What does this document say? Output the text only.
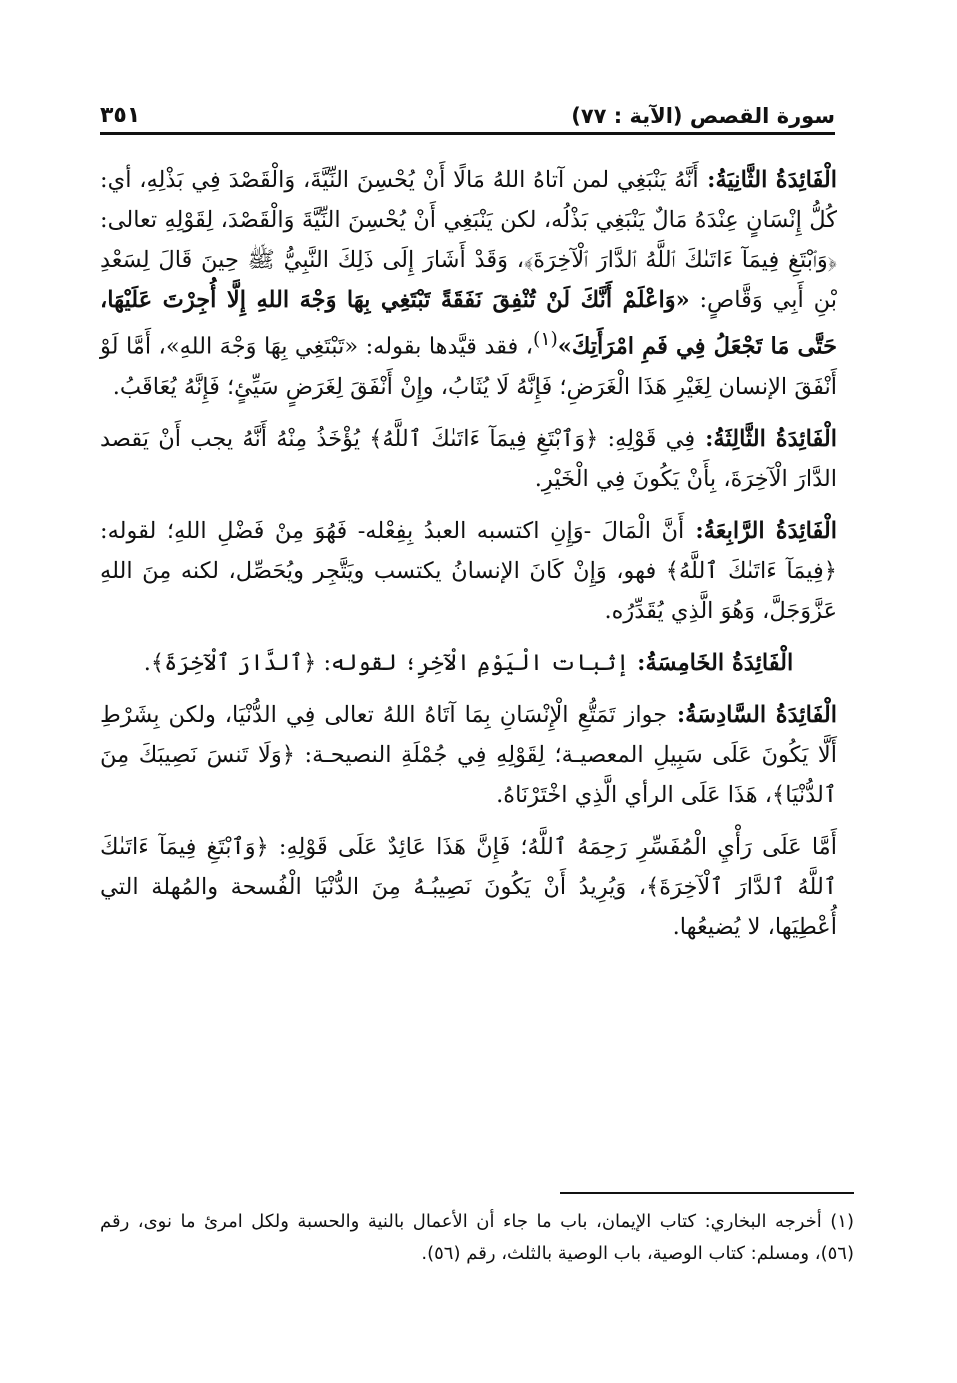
سورة القصص (الآية : ٧٧)
٣٥١

الْفَائِدَةُ الثَّانِيَةُ: أَنَّهُ يَنْبَغِي لمن آتاهُ اللهُ مَالًا أَنْ يُحْسِنَ النِّيَّةَ، وَالْقَصْدَ فِي بَذْلِهِ، أي: كُلُّ إِنْسَانٍ عِنْدَهُ مَالٌ يَنْبَغِي بَذْلُه، لكن يَنْبَغِي أَنْ يُحْسِنَ النِّيَّةَ وَالْقَصْدَ، لِقَوْلِهِ تعالى: ﴿وَٱبْتَغِ فِيمَآ ءَاتَىٰكَ ٱللَّهُ ٱلدَّارَ ٱلْآخِرَةَ﴾، وَقَدْ أَشَارَ إِلَى ذَلِكَ النَّبِيُّ ﷺ حِينَ قَالَ لِسَعْدِ بْنِ أَبِي وَقَّاصٍ: «وَاعْلَمْ أَنَّكَ لَنْ تُنْفِقَ نَفَقَةً تَبْتَغِي بِهَا وَجْهَ اللهِ إِلَّا أُجِرْتَ عَلَيْهَا، حَتَّى مَا تَجْعَلُ فِي فَمِ امْرَأَتِكَ»$^{(١)}$، فقد قيَّدها بقوله: «تَبْتَغِي بِهَا وَجْهَ اللهِ»، أَمَّا لَوْ أَنْفَقَ الإنسان لِغَيْرِ هَذَا الْغَرَضِ؛ فَإِنَّهُ لَا يُثَابُ، وإِنْ أَنْفَقَ لِغَرَضٍ سَيِّئٍ؛ فَإِنَّهُ يُعَاقَبُ.

الْفَائِدَةُ الثَّالِثَةُ: فِي قَوْلِهِ: ﴿وَٱبْتَغِ فِيمَآ ءَاتَىٰكَ ٱللَّهُ﴾ يُؤْخَذُ مِنْهُ أَنَّهُ يجب أَنْ يَقصد الدَّارَ الْآخِرَةَ، بِأَنْ يَكُونَ فِي الْخَيْرِ.

الْفَائِدَةُ الرَّابِعَةُ: أَنَّ الْمَالَ -وَإِنِ اكتسبه العبدُ بِفِعْله- فَهُوَ مِنْ فَضْلِ اللهِ؛ لقوله: ﴿فِيمَآ ءَاتَىٰكَ ٱللَّهُ﴾ فهو، وَإِنْ كَانَ الإنسانُ يكتسب ويَتَّجِر ويُحَصِّل، لكنه مِنَ اللهِ عَزَّوَجَلَّ، وَهُوَ الَّذِي يُقَدِّرُه.

الْفَائِدَةُ الخَامِسَةُ: إثبات الْيَوْمِ الْآخِرِ؛ لقوله: ﴿ٱلدَّارَ ٱلْآخِرَةَ﴾.

الْفَائِدَةُ السَّادِسَةُ: جواز تَمَتُّعِ الْإِنْسَانِ بِمَا آتَاهُ اللهُ تعالى فِي الدُّنْيَا، ولكن بِشَرْطِ أَلَّا يَكُونَ عَلَى سَبِيلِ المعصيـة؛ لِقَوْلِهِ فِي جُمْلَةِ النصيحـة: ﴿وَلَا تَنسَ نَصِيبَكَ مِنَ ٱلدُّنْيَا﴾، هَذَا عَلَى الرأي الَّذِي اخْتَرْنَاهُ.

أَمَّا عَلَى رَأْيِ الْمُفَسِّرِ رَحِمَهُ ٱللَّهُ؛ فَإِنَّ هَذَا عَائِدٌ عَلَى قَوْلِهِ: ﴿وَٱبْتَغِ فِيمَآ ءَاتَىٰكَ ٱللَّهُ ٱلدَّارَ ٱلْآخِرَةَ﴾، وَيُرِيدُ أَنْ يَكُونَ نَصِيبُـهُ مِنَ الدُّنْيَا الْفُسحة والمُهلة التي أُعْطِيَها، لا يُضيعُها.

(١) أخرجه البخاري: كتاب الإيمان، باب ما جاء أن الأعمال بالنية والحسبة ولكل امرئ ما نوى، رقم (٥٦)، ومسلم: كتاب الوصية، باب الوصية بالثلث، رقم (٥٦).
